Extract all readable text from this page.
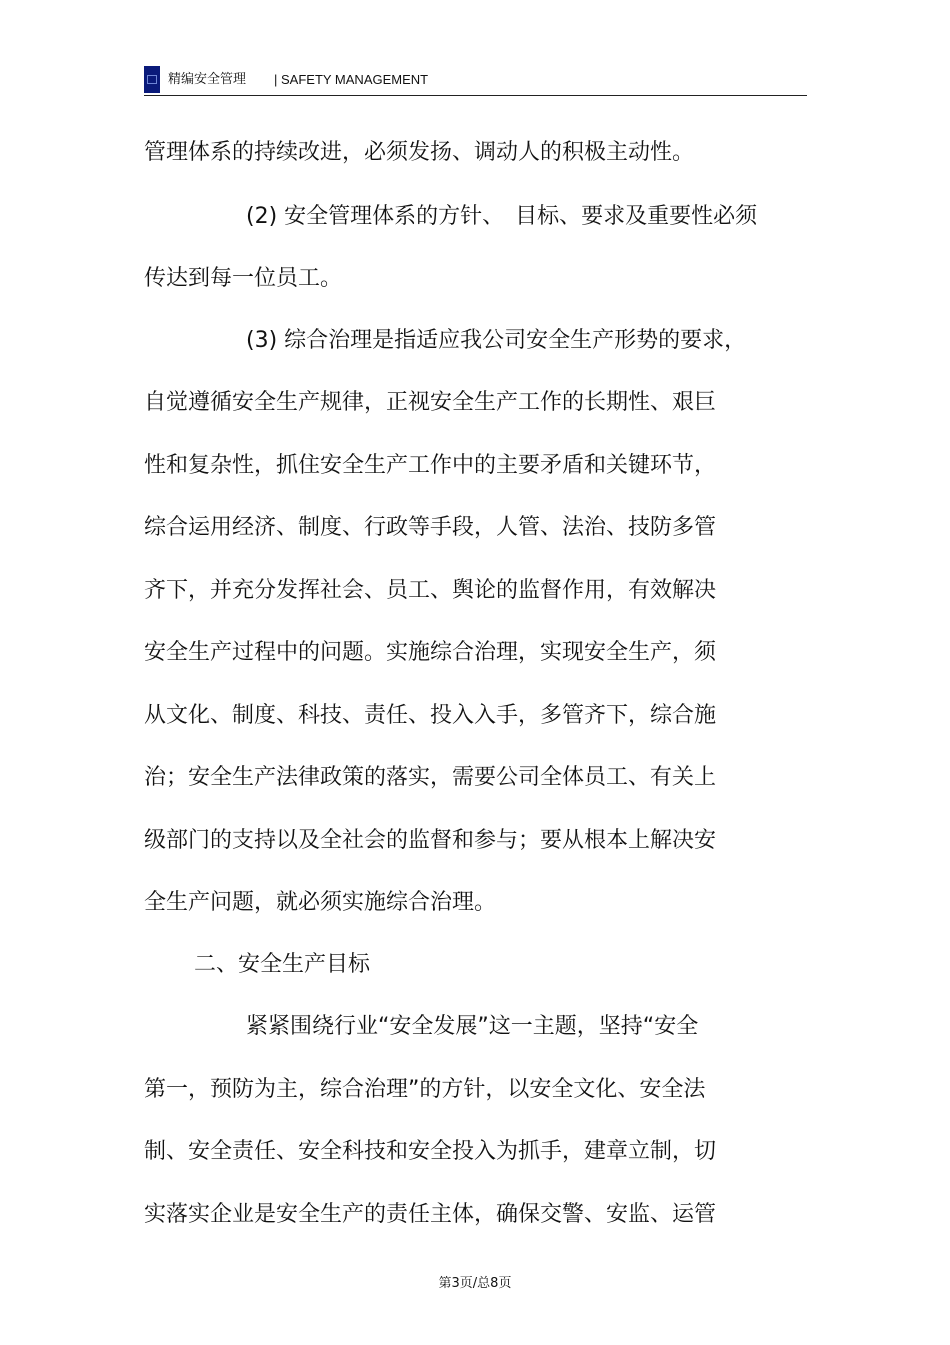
精编安全管理 | SAFETY MANAGEMENT
管理体系的持续改进，必须发扬、调动人的积极主动性。
(2) 安全管理体系的方针、　目标、要求及重要性必须
传达到每一位员工。
(3) 综合治理是指适应我公司安全生产形势的要求，
自觉遵循安全生产规律，正视安全生产工作的长期性、艰巨
性和复杂性，抓住安全生产工作中的主要矛盾和关键环节，
综合运用经济、制度、行政等手段，人管、法治、技防多管
齐下，并充分发挥社会、员工、舆论的监督作用，有效解决
安全生产过程中的问题。实施综合治理，实现安全生产，须
从文化、制度、科技、责任、投入入手，多管齐下，综合施
治；安全生产法律政策的落实，需要公司全体员工、有关上
级部门的支持以及全社会的监督和参与；要从根本上解决安
全生产问题，就必须实施综合治理。
二、安全生产目标
紧紧围绕行业“安全发展”这一主题，坚持“安全
第一，预防为主，综合治理”的方针，以安全文化、安全法
制、安全责任、安全科技和安全投入为抓手，建章立制，切
实落实企业是安全生产的责任主体，确保交警、安监、运管
第3页/总8页
